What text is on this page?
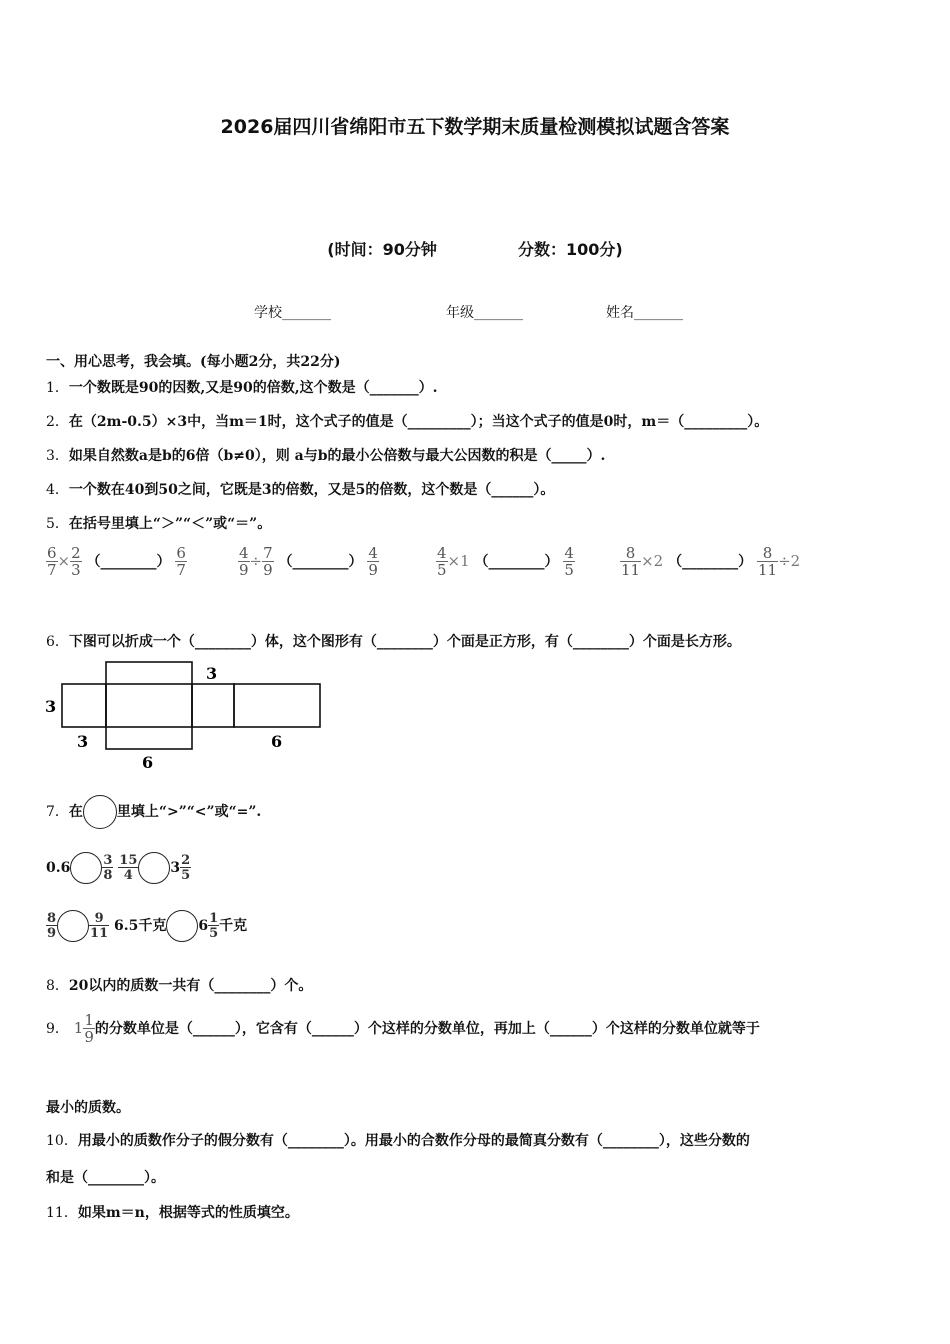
2026届四川省绵阳市五下数学期末质量检测模拟试题含答案
(时间：90分钟	分数：100分)
学校_______	年级_______	姓名_______
一、用心思考，我会填。(每小题2分，共22分)
1．一个数既是90的因数,又是90的倍数,这个数是（_______）.
2．在（2m-0.5）×3中，当m＝1时，这个式子的值是（_________）；当这个式子的值是0时，m＝（_________）。
3．如果自然数a是b的6倍（b≠0），则 a与b的最小公倍数与最大公因数的积是（_____）.
4．一个数在40到50之间，它既是3的倍数，又是5的倍数，这个数是（______）。
5．在括号里填上“＞”“＜”或“＝”。
$\frac{6}{7} \times \frac{2}{3}$ （________） $\frac{6}{7}$	$\frac{4}{9} \div \frac{7}{9}$ （________） $\frac{4}{9}$	$\frac{4}{5} \times 1$ （________） $\frac{4}{5}$	$\frac{8}{11} \times 2$ （________） $\frac{8}{11} \div 2$
6．下图可以折成一个（________）体，这个图形有（________）个面是正方形，有（________）个面是长方形。
3
3
3
6
6
7．在 里填上“>”“<”或“=”.
$0.6 \frac{3}{8}$
$\frac{15}{4} 3 \frac{2}{5}$
$\frac{8}{9} \frac{9}{11} 6.5$千克 $6 \frac{1}{5}$ 千克
8．20以内的质数一共有（________）个。
9． $1 \frac{1}{9}$ 的分数单位是（______），它含有（______）个这样的分数单位，再加上（______）个这样的分数单位就等于
最小的质数。
10．用最小的质数作分子的假分数有（________）。用最小的合数作分母的最简真分数有（________），这些分数的
和是（________）。
11．如果m＝n，根据等式的性质填空。
